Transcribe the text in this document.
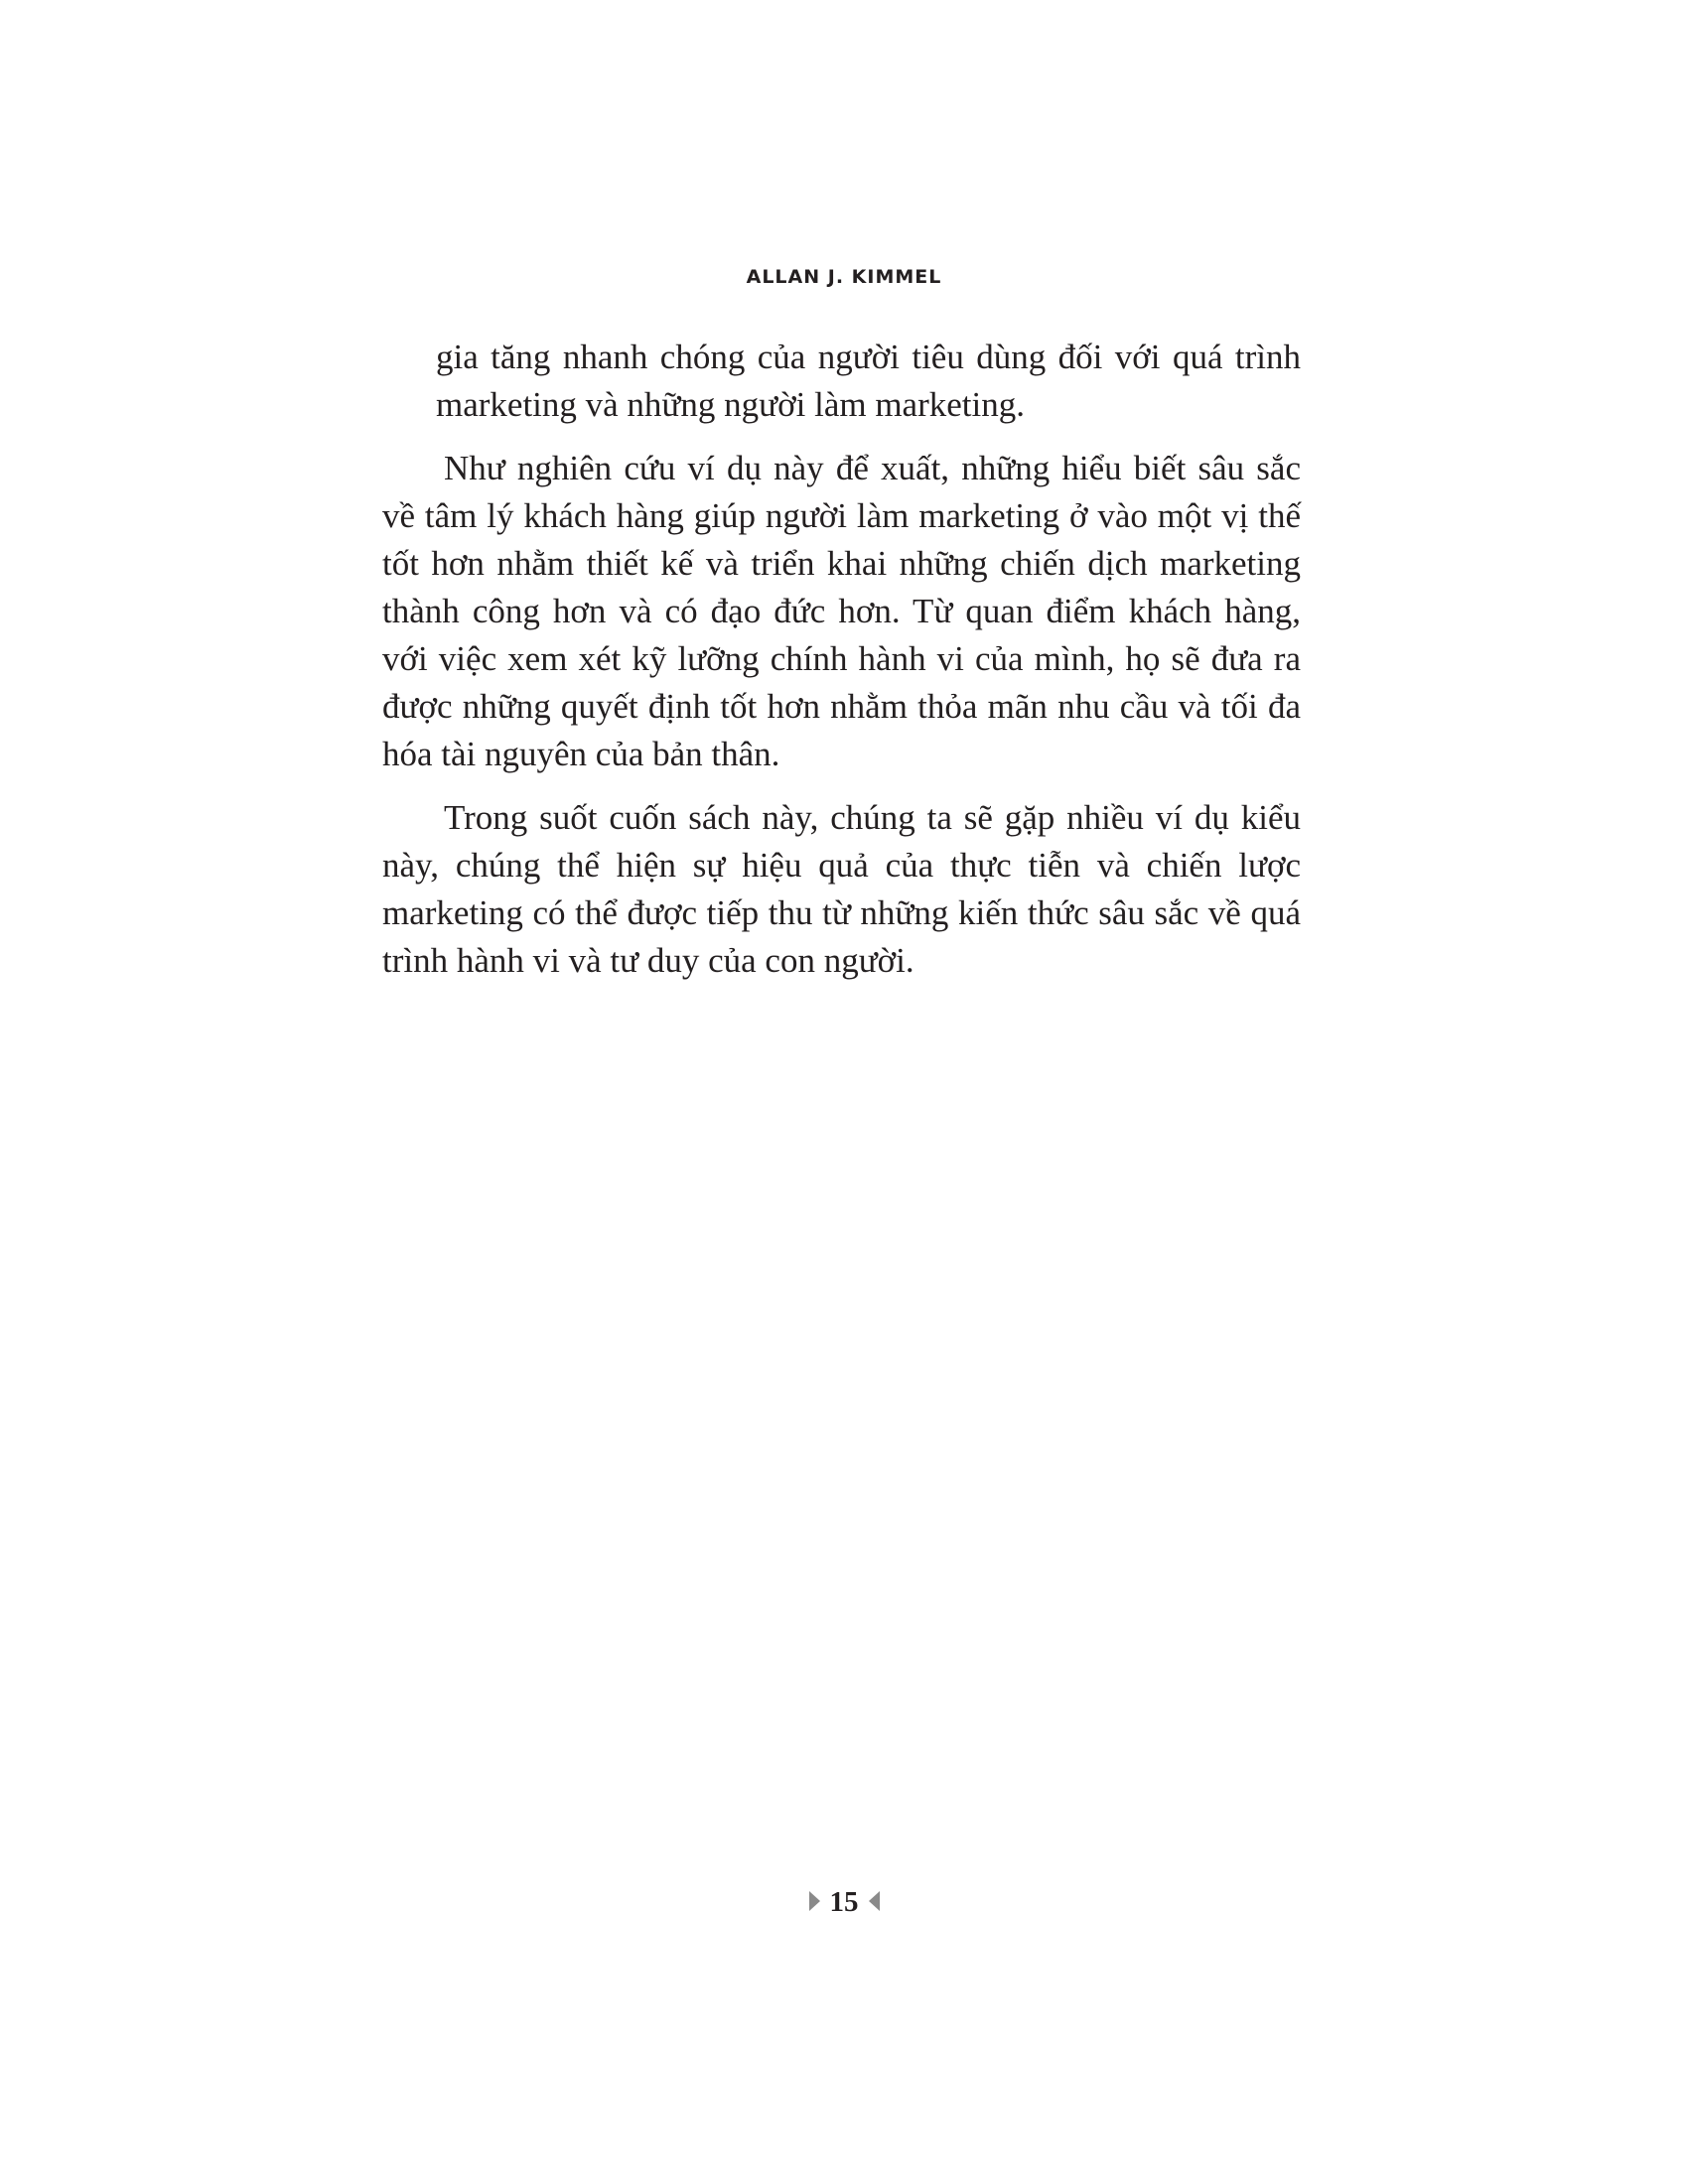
ALLAN J. KIMMEL

gia tăng nhanh chóng của người tiêu dùng đối với quá trình marketing và những người làm marketing.

Như nghiên cứu ví dụ này để xuất, những hiểu biết sâu sắc về tâm lý khách hàng giúp người làm marketing ở vào một vị thế tốt hơn nhằm thiết kế và triển khai những chiến dịch marketing thành công hơn và có đạo đức hơn. Từ quan điểm khách hàng, với việc xem xét kỹ lưỡng chính hành vi của mình, họ sẽ đưa ra được những quyết định tốt hơn nhằm thỏa mãn nhu cầu và tối đa hóa tài nguyên của bản thân.

Trong suốt cuốn sách này, chúng ta sẽ gặp nhiều ví dụ kiểu này, chúng thể hiện sự hiệu quả của thực tiễn và chiến lược marketing có thể được tiếp thu từ những kiến thức sâu sắc về quá trình hành vi và tư duy của con người.

15
